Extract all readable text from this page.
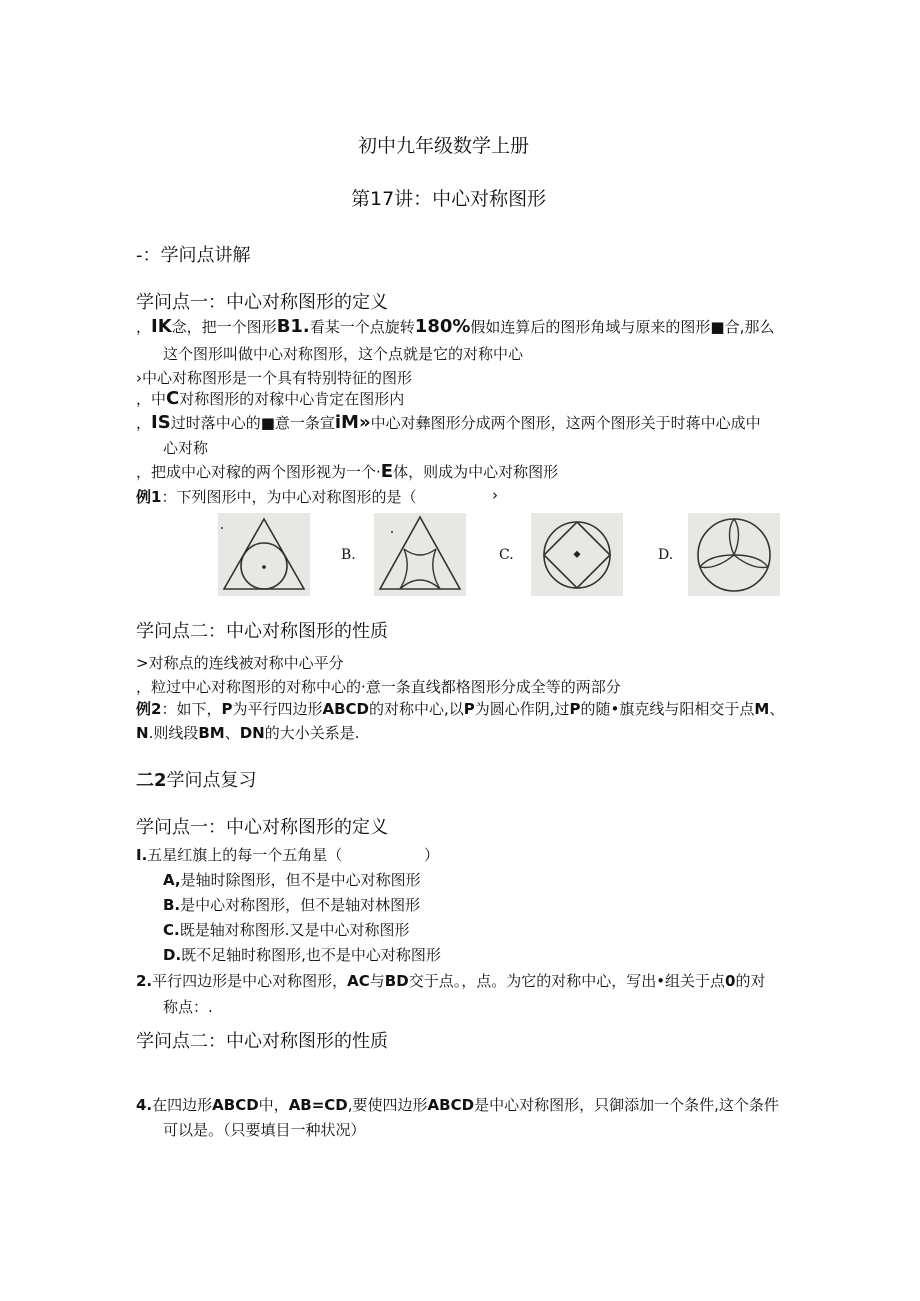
初中九年级数学上册
第17讲：中心对称图形
-：学问点讲解
学问点一：中心对称图形的定义
，IK念，把一个图形B1.看某一个点旋转180%假如连算后的图形角域与原来的图形■合,那么
这个图形叫做中心对称图形，这个点就是它的对称中心
›中心对称图形是一个具有特别特征的图形
，中C对称图形的对稼中心肯定在图形内
，IS过时落中心的■意一条宣iM»中心对彝图形分成两个图形，这两个图形关于时蒋中心成中
心对称
，把成中心对稼的两个图形视为一个·E体，则成为中心对称图形
例1：下列图形中，为中心对称图形的是（	›
B.	C.	D.
学问点二：中心对称图形的性质
>对称点的连线被对称中心平分
，粒过中心对称图形的对称中心的·意一条直线都格图形分成全等的两部分
例2：如下，P为平行四边形ABCD的对称中心,以P为圆心作阴,过P的随•旗克线与阳相交于点M、
N.则线段BM、DN的大小关系是.
二2学问点复习
学问点一：中心对称图形的定义
I.五星红旗上的每一个五角星（	）
A,是轴时除图形，但不是中心对称图形
B.是中心对称图形，但不是轴对林图形
C.既是轴对称图形.又是中心对称图形
D.既不足轴时称图形,也不是中心对称图形
2.平行四边形是中心对称图形，AC与BD交于点。，点。为它的对称中心，写出•组关于点0的对
称点：.
学问点二：中心对称图形的性质
4.在四边形ABCD中，AB=CD,要使四边形ABCD是中心对称图形，只御添加一个条件,这个条件
可以是。（只要填目一种状况）
